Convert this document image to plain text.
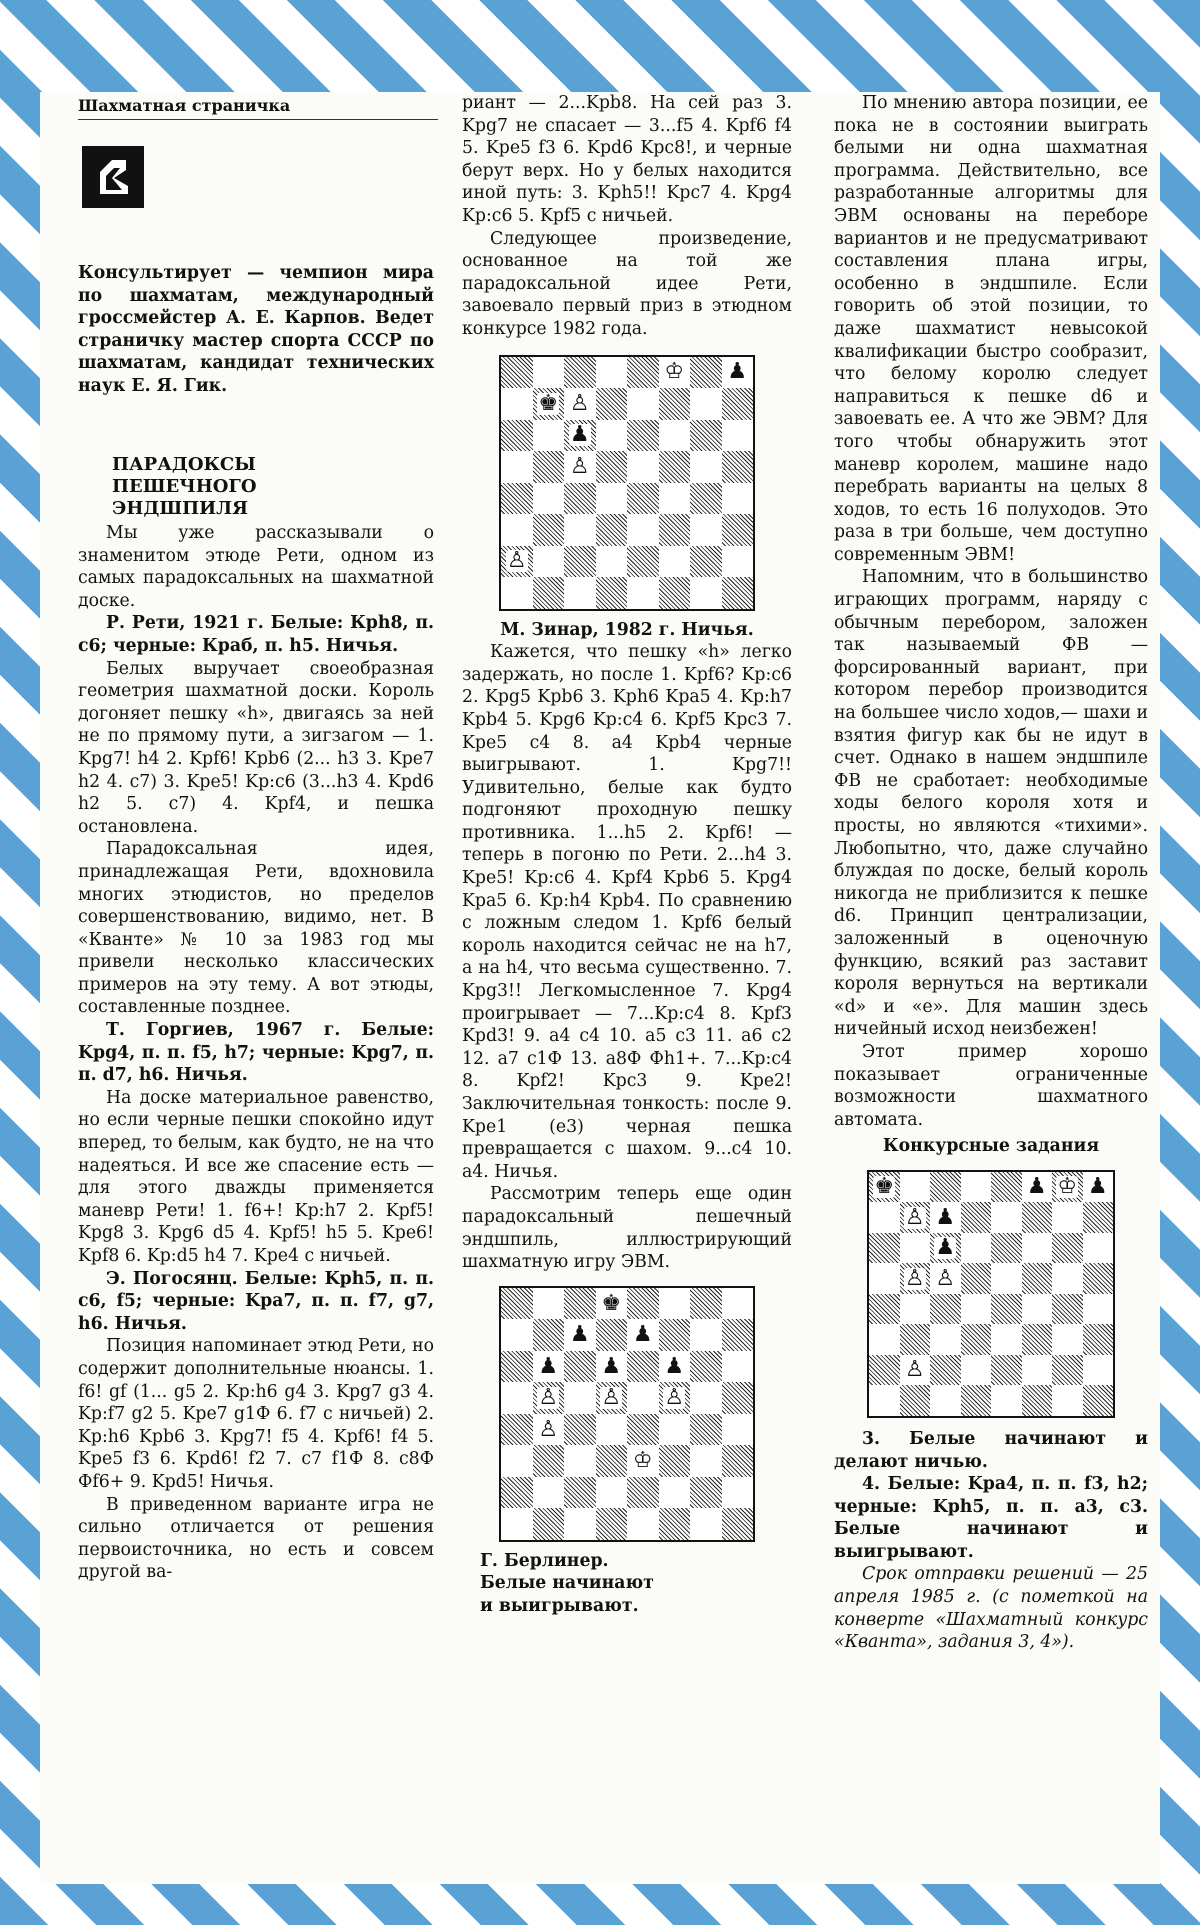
Шахматная страничка

Консультирует — чемпион мира по шахматам, международный гроссмейстер А. Е. Карпов. Ведет страничку мастер спорта СССР по шахматам, кандидат технических наук Е. Я. Гик.

ПАРАДОКСЫ

ПЕШЕЧНОГО

ЭНДШПИЛЯ

Мы уже рассказывали о знаменитом этюде Рети, одном из самых парадоксальных на шахматной доске.

Р. Рети, 1921 г. Белые: Крh8, п. с6; черные: Краб, п. h5. Ничья.

Белых выручает своеобразная геометрия шахматной доски. Король догоняет пешку «h», двигаясь за ней не по прямому пути, а зигзагом — 1. Kpg7! h4 2. Kpf6! Kpb6 (2... h3 3. Kpe7 h2 4. c7) 3. Kpe5! Kp:c6 (3...h3 4. Kpd6 h2 5. c7) 4. Kpf4, и пешка остановлена.

Парадоксальная идея, принадлежащая Рети, вдохновила многих этюдистов, но пределов совершенствованию, видимо, нет. В «Кванте» № 10 за 1983 год мы привели несколько классических примеров на эту тему. А вот этюды, составленные позднее.

Т. Горгиев, 1967 г. Белые: Kpg4, п. п. f5, h7; черные: Kpg7, п. п. d7, h6. Ничья.

На доске материальное равенство, но если черные пешки спокойно идут вперед, то белым, как будто, не на что надеяться. И все же спасение есть — для этого дважды применяется маневр Рети! 1. f6+! Kp:h7 2. Kpf5! Kpg8 3. Kpg6 d5 4. Kpf5! h5 5. Kpe6! Kpf8 6. Kp:d5 h4 7. Kpe4 с ничьей.

Э. Погосянц. Белые: Kph5, п. п. с6, f5; черные: Kpa7, п. п. f7, g7, h6. Ничья.

Позиция напоминает этюд Рети, но содержит дополнительные нюансы. 1. f6! gf (1... g5 2. Kp:h6 g4 3. Kpg7 g3 4. Kp:f7 g2 5. Kpe7 g1Ф 6. f7 с ничьей) 2. Kp:h6 Kpb6 3. Kpg7! f5 4. Kpf6! f4 5. Kpe5 f3 6. Kpd6! f2 7. c7 f1Ф 8. c8Ф Фf6+ 9. Kpd5! Ничья.

В приведенном варианте игра не сильно отличается от решения первоисточника, но есть и совсем другой ва-

риант — 2...Kpb8. На сей раз 3. Kpg7 не спасает — 3...f5 4. Kpf6 f4 5. Kpe5 f3 6. Kpd6 Kpc8!, и черные берут верх. Но у белых находится иной путь: 3. Kph5!! Kpc7 4. Kpg4 Kp:c6 5. Kpf5 с ничьей.

Следующее произведение, основанное на той же парадоксальной идее Рети, завоевало первый приз в этюдном конкурсе 1982 года.

♔ ♟
♚ ♙
♟
♙
♙

М. Зинар, 1982 г. Ничья.

Кажется, что пешку «h» легко задержать, но после 1. Kpf6? Kp:c6 2. Kpg5 Kpb6 3. Kph6 Kpa5 4. Kp:h7 Kpb4 5. Kpg6 Kp:c4 6. Kpf5 Kpc3 7. Kpe5 c4 8. a4 Kpb4 черные выигрывают. 1. Kpg7!! Удивительно, белые как будто подгоняют проходную пешку противника. 1...h5 2. Kpf6! — теперь в погоню по Рети. 2...h4 3. Kpe5! Kp:c6 4. Kpf4 Kpb6 5. Kpg4 Kpa5 6. Kp:h4 Kpb4. По сравнению с ложным следом 1. Kpf6 белый король находится сейчас не на h7, а на h4, что весьма существенно. 7. Kpg3!! Легкомысленное 7. Kpg4 проигрывает — 7...Kp:c4 8. Kpf3 Kpd3! 9. a4 c4 10. a5 c3 11. a6 c2 12. a7 c1Ф 13. a8Ф Фh1+. 7...Kp:c4 8. Kpf2! Kpc3 9. Kpe2! Заключительная тонкость: после 9. Kpe1 (e3) черная пешка превращается с шахом. 9...c4 10. a4. Ничья.

Рассмотрим теперь еще один парадоксальный пешечный эндшпиль, иллюстрирующий шахматную игру ЭВМ.

♚
♟ ♟
♟ ♟ ♟
♙ ♙ ♙
♙
♔

Г. Берлинер. Белые начинают и выигрывают.

По мнению автора позиции, ее пока не в состоянии выиграть белыми ни одна шахматная программа. Действительно, все разработанные алгоритмы для ЭВМ основаны на переборе вариантов и не предусматривают составления плана игры, особенно в эндшпиле. Если говорить об этой позиции, то даже шахматист невысокой квалификации быстро сообразит, что белому королю следует направиться к пешке d6 и завоевать ее. А что же ЭВМ? Для того чтобы обнаружить этот маневр королем, машине надо перебрать варианты на целых 8 ходов, то есть 16 полуходов. Это раза в три больше, чем доступно современным ЭВМ!

Напомним, что в большинство играющих программ, наряду с обычным перебором, заложен так называемый ФВ — форсированный вариант, при котором перебор производится на большее число ходов,— шахи и взятия фигур как бы не идут в счет. Однако в нашем эндшпиле ФВ не сработает: необходимые ходы белого короля хотя и просты, но являются «тихими». Любопытно, что, даже случайно блуждая по доске, белый король никогда не приблизится к пешке d6. Принцип централизации, заложенный в оценочную функцию, всякий раз заставит короля вернуться на вертикали «d» и «e». Для машин здесь ничейный исход неизбежен!

Этот пример хорошо показывает ограниченные возможности шахматного автомата.

Конкурсные задания

♚	♟ ♔ ♟
♙ ♟
♟
♙ ♙
♙

3. Белые начинают и делают ничью.

4. Белые: Kpa4, п. п. f3, h2; черные: Kph5, п. п. a3, c3. Белые начинают и выигрывают.

Срок отправки решений — 25 апреля 1985 г. (с пометкой на конверте «Шахматный конкурс «Кванта», задания 3, 4»).
